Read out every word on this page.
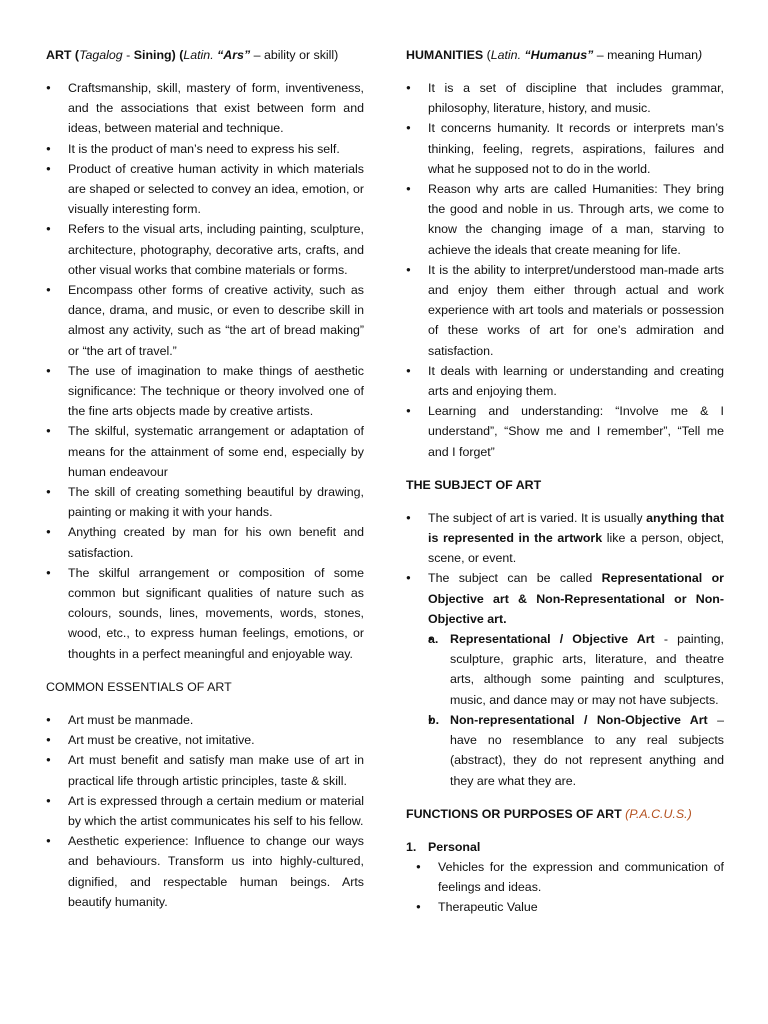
ART (Tagalog - Sining) (Latin. “Ars” – ability or skill)
● Craftsmanship, skill, mastery of form, inventiveness, and the associations that exist between form and ideas, between material and technique.
● It is the product of man’s need to express his self.
● Product of creative human activity in which materials are shaped or selected to convey an idea, emotion, or visually interesting form.
● Refers to the visual arts, including painting, sculpture, architecture, photography, decorative arts, crafts, and other visual works that combine materials or forms.
● Encompass other forms of creative activity, such as dance, drama, and music, or even to describe skill in almost any activity, such as “the art of bread making” or “the art of travel.”
● The use of imagination to make things of aesthetic significance: The technique or theory involved one of the fine arts objects made by creative artists.
● The skilful, systematic arrangement or adaptation of means for the attainment of some end, especially by human endeavour
● The skill of creating something beautiful by drawing, painting or making it with your hands.
● Anything created by man for his own benefit and satisfaction.
● The skilful arrangement or composition of some common but significant qualities of nature such as colours, sounds, lines, movements, words, stones, wood, etc., to express human feelings, emotions, or thoughts in a perfect meaningful and enjoyable way.
COMMON ESSENTIALS OF ART
● Art must be manmade.
● Art must be creative, not imitative.
● Art must benefit and satisfy man make use of art in practical life through artistic principles, taste & skill.
● Art is expressed through a certain medium or material by which the artist communicates his self to his fellow.
● Aesthetic experience: Influence to change our ways and behaviours. Transform us into highly-cultured, dignified, and respectable human beings. Arts beautify humanity.
HUMANITIES (Latin. “Humanus” – meaning Human)
● It is a set of discipline that includes grammar, philosophy, literature, history, and music.
● It concerns humanity. It records or interprets man’s thinking, feeling, regrets, aspirations, failures and what he supposed not to do in the world.
● Reason why arts are called Humanities: They bring the good and noble in us. Through arts, we come to know the changing image of a man, starving to achieve the ideals that create meaning for life.
● It is the ability to interpret/understood man-made arts and enjoy them either through actual and work experience with art tools and materials or possession of these works of art for one’s admiration and satisfaction.
● It deals with learning or understanding and creating arts and enjoying them.
● Learning and understanding: “Involve me & I understand”, “Show me and I remember”, “Tell me and I forget”
THE SUBJECT OF ART
● The subject of art is varied. It is usually anything that is represented in the artwork like a person, object, scene, or event.
● The subject can be called Representational or Objective art & Non-Representational or Non-Objective art.
● a. Representational / Objective Art - painting, sculpture, graphic arts, literature, and theatre arts, although some painting and sculptures, music, and dance may or may not have subjects.
● b. Non-representational / Non-Objective Art – have no resemblance to any real subjects (abstract), they do not represent anything and they are what they are.
FUNCTIONS OR PURPOSES OF ART (P.A.C.U.S.)
1. Personal
● Vehicles for the expression and communication of feelings and ideas.
● Therapeutic Value
